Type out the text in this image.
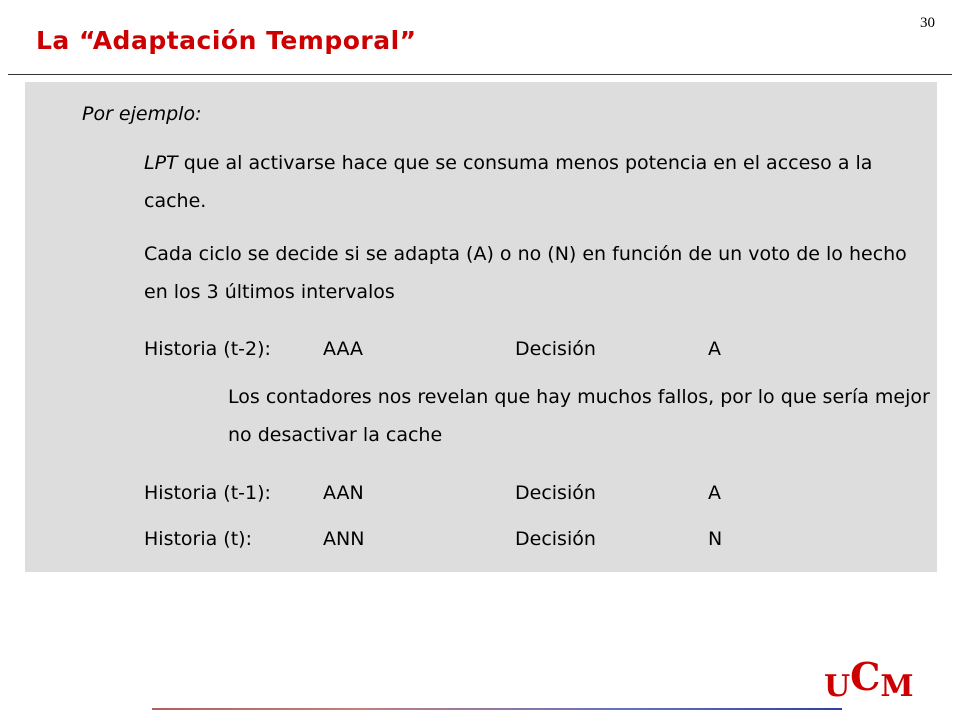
30
La “Adaptación Temporal”
Por ejemplo:
LPT que al activarse hace que se consuma menos potencia en el acceso a la cache.
Cada ciclo se decide si se adapta (A) o no (N) en función de un voto de lo hecho en los 3 últimos intervalos
Historia (t-2):	AAA	Decisión	A
Los contadores nos revelan que hay muchos fallos, por lo que sería mejor no desactivar la cache
Historia (t-1):	AAN	Decisión	A
Historia (t):	ANN	Decisión	N
UCM
